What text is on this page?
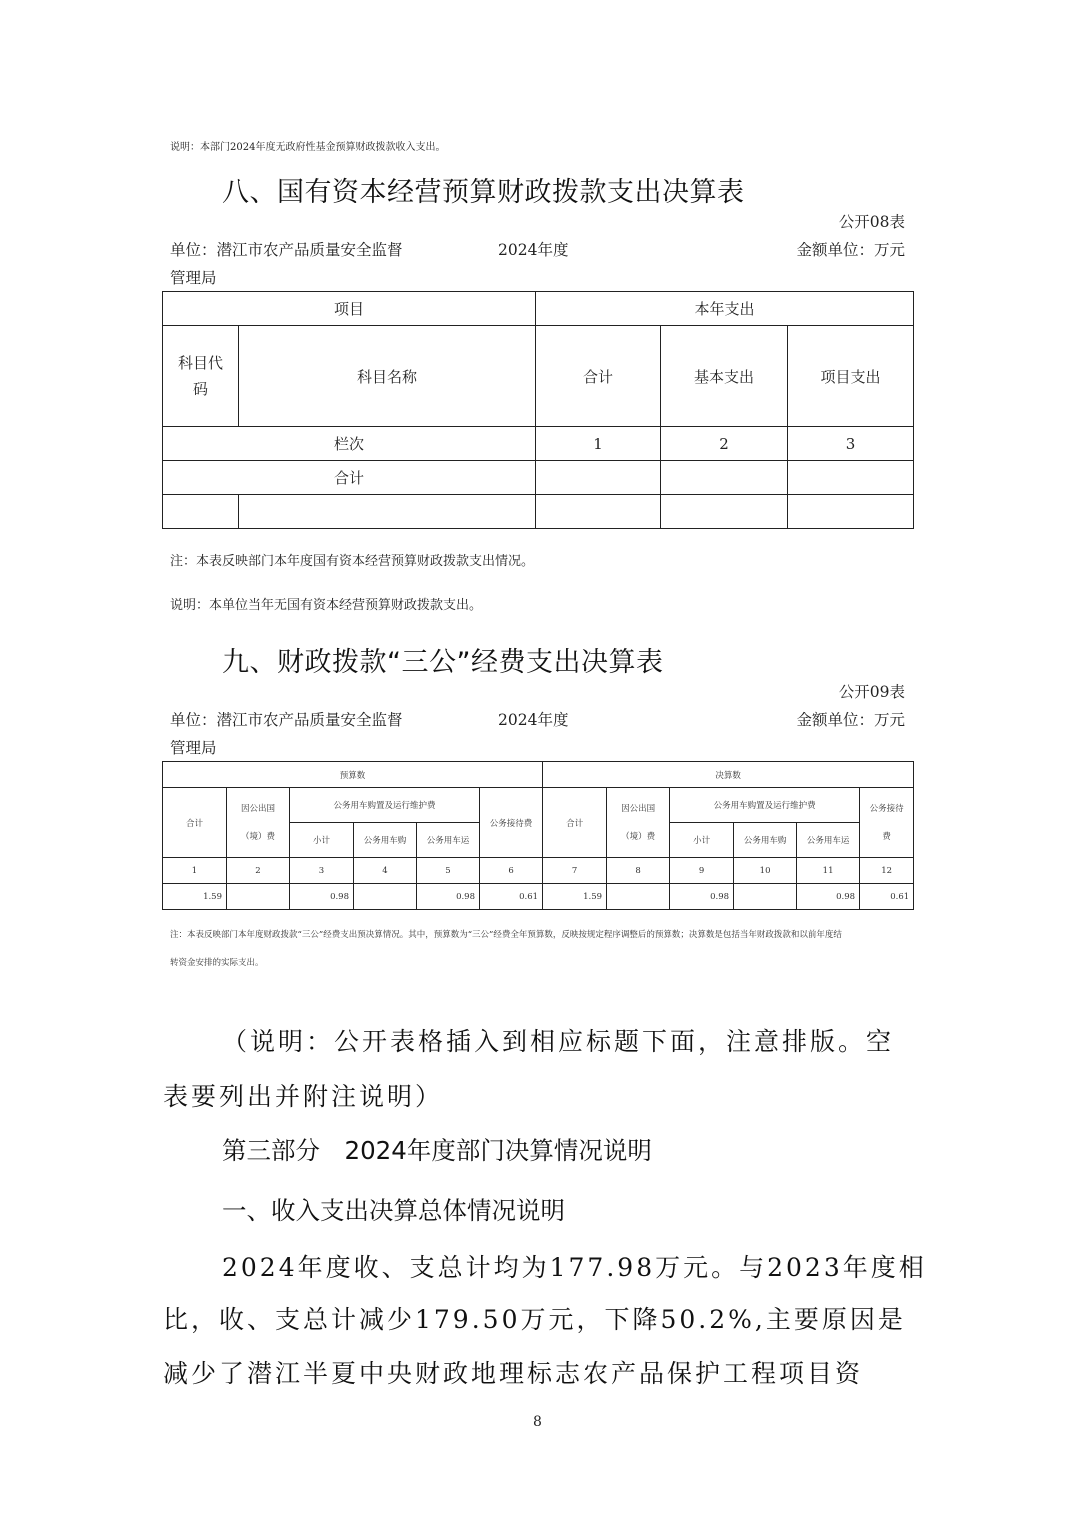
说明：本部门2024年度无政府性基金预算财政拨款收入支出。
八、国有资本经营预算财政拨款支出决算表
公开08表
单位：潜江市农产品质量安全监督	2024年度	金额单位：万元
管理局
项目		本年支出		
科目代码	科目名称	合计	基本支出	项目支出
栏次		1	2	3
合计				

注：本表反映部门本年度国有资本经营预算财政拨款支出情况。
说明：本单位当年无国有资本经营预算财政拨款支出。
九、财政拨款“三公”经费支出决算表
公开09表
单位：潜江市农产品质量安全监督	2024年度	金额单位：万元
管理局
预算数						决算数					
合计	因公出国（境）费	公务用车购置及运行维护费			公务接待费	合计	因公出国（境）费	公务用车购置及运行维护费			公务接待费
		小计	公务用车购	公务用车运				小计	公务用车购	公务用车运	
1	2	3	4	5	6	7	8	9	10	11	12
1.59		0.98		0.98	0.61	1.59		0.98		0.98	0.61
注：本表反映部门本年度财政拨款“三公”经费支出预决算情况。其中，预算数为“三公”经费全年预算数，反映按规定程序调整后的预算数；决算数是包括当年财政拨款和以前年度结
转资金安排的实际支出。
（说明：公开表格插入到相应标题下面，注意排版。空
表要列出并附注说明）
第三部分　2024年度部门决算情况说明
一、收入支出决算总体情况说明
2024年度收、支总计均为177.98万元。与2023年度相
比，收、支总计减少179.50万元，下降50.2%,主要原因是
减少了潜江半夏中央财政地理标志农产品保护工程项目资
8
